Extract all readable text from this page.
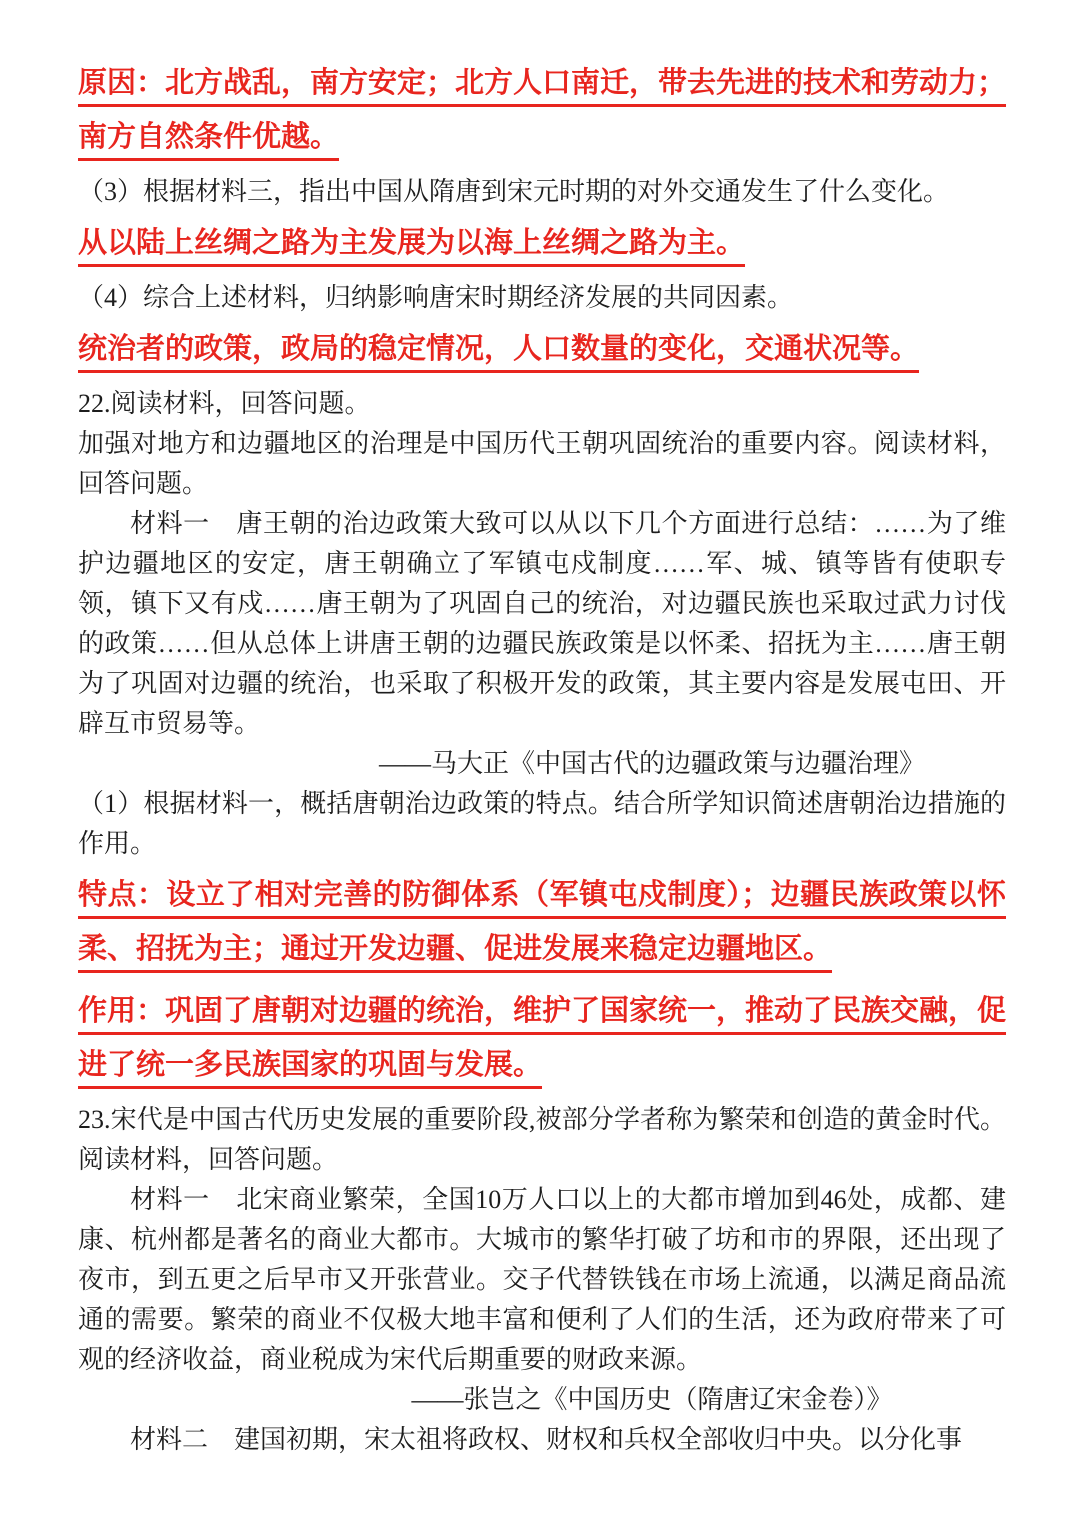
原因：北方战乱，南方安定；北方人口南迁，带去先进的技术和劳动力；南方自然条件优越。

（3）根据材料三，指出中国从隋唐到宋元时期的对外交通发生了什么变化。

从以陆上丝绸之路为主发展为以海上丝绸之路为主。

（4）综合上述材料，归纳影响唐宋时期经济发展的共同因素。

统治者的政策，政局的稳定情况，人口数量的变化，交通状况等。

22.阅读材料，回答问题。

加强对地方和边疆地区的治理是中国历代王朝巩固统治的重要内容。阅读材料，回答问题。

材料一　唐王朝的治边政策大致可以从以下几个方面进行总结：……为了维护边疆地区的安定，唐王朝确立了军镇屯戍制度……军、城、镇等皆有使职专领，镇下又有戍……唐王朝为了巩固自己的统治，对边疆民族也采取过武力讨伐的政策……但从总体上讲唐王朝的边疆民族政策是以怀柔、招抚为主……唐王朝为了巩固对边疆的统治，也采取了积极开发的政策，其主要内容是发展屯田、开辟互市贸易等。

——马大正《中国古代的边疆政策与边疆治理》

（1）根据材料一，概括唐朝治边政策的特点。结合所学知识简述唐朝治边措施的作用。

特点：设立了相对完善的防御体系（军镇屯戍制度）；边疆民族政策以怀柔、招抚为主；通过开发边疆、促进发展来稳定边疆地区。

作用：巩固了唐朝对边疆的统治，维护了国家统一，推动了民族交融，促进了统一多民族国家的巩固与发展。

23.宋代是中国古代历史发展的重要阶段,被部分学者称为繁荣和创造的黄金时代。阅读材料，回答问题。

材料一　北宋商业繁荣，全国10万人口以上的大都市增加到46处，成都、建康、杭州都是著名的商业大都市。大城市的繁华打破了坊和市的界限，还出现了夜市，到五更之后早市又开张营业。交子代替铁钱在市场上流通，以满足商品流通的需要。繁荣的商业不仅极大地丰富和便利了人们的生活，还为政府带来了可观的经济收益，商业税成为宋代后期重要的财政来源。

——张岂之《中国历史（隋唐辽宋金卷）》

材料二　建国初期，宋太祖将政权、财权和兵权全部收归中央。以分化事
